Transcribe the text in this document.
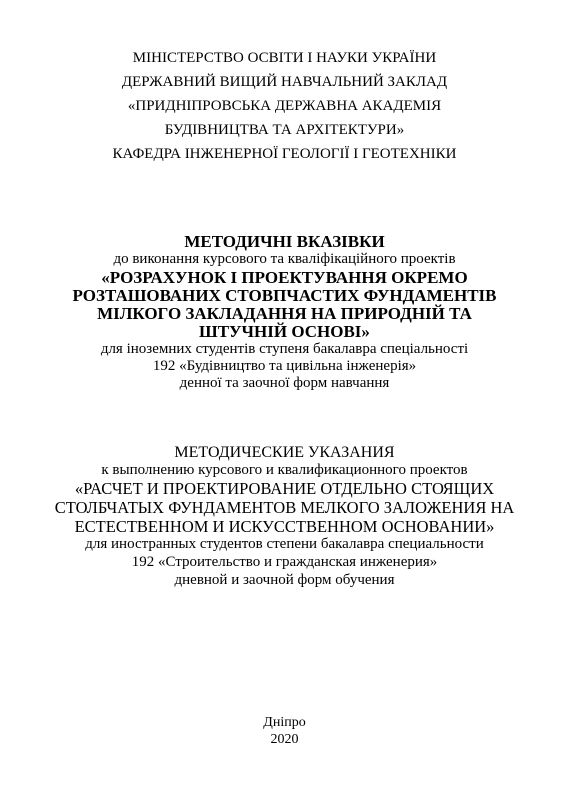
МІНІСТЕРСТВО ОСВІТИ І НАУКИ УКРАЇНИ
ДЕРЖАВНИЙ ВИЩИЙ НАВЧАЛЬНИЙ ЗАКЛАД
«ПРИДНІПРОВСЬКА ДЕРЖАВНА АКАДЕМІЯ
БУДІВНИЦТВА ТА АРХІТЕКТУРИ»
КАФЕДРА ІНЖЕНЕРНОЇ ГЕОЛОГІЇ І ГЕОТЕХНІКИ
МЕТОДИЧНІ ВКАЗІВКИ
до виконання курсового та кваліфікаційного проектів
«РОЗРАХУНОК І ПРОЕКТУВАННЯ ОКРЕМО
РОЗТАШОВАНИХ СТОВПЧАСТИХ ФУНДАМЕНТІВ
МІЛКОГО ЗАКЛАДАННЯ НА ПРИРОДНІЙ ТА
ШТУЧНІЙ ОСНОВІ»
для іноземних студентів ступеня бакалавра спеціальності
192 «Будівництво та цивільна інженерія»
денної та заочної форм навчання
МЕТОДИЧЕСКИЕ УКАЗАНИЯ
к выполнению курсового и квалификационного проектов
«РАСЧЕТ И ПРОЕКТИРОВАНИЕ ОТДЕЛЬНО СТОЯЩИХ
СТОЛБЧАТЫХ ФУНДАМЕНТОВ МЕЛКОГО ЗАЛОЖЕНИЯ НА
ЕСТЕСТВЕННОМ И ИСКУССТВЕННОМ ОСНОВАНИИ»
для иностранных студентов степени бакалавра специальности
192 «Строительство и гражданская инженерия»
дневной и заочной форм обучения
Дніпро
2020
